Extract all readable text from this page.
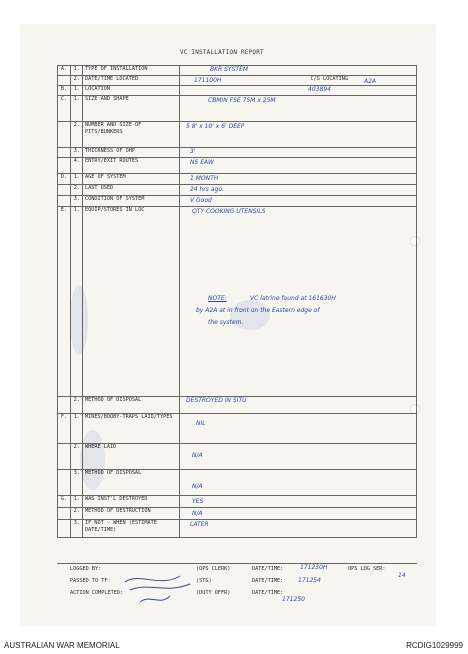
VC INSTALLATION REPORT
A.	1.	TYPE OF INSTALLATION	BKR SYSTEM

	2.	DATE/TIME LOCATED	171100H C/S LOCATING A2A

B.	1.	LOCATION	403894

C.	1.	SIZE AND SHAPE	CBMIN FSE 75M x 25M

	2.	NUMBER AND SIZE OF PITS/BUNKERS	5 8' x 10' x 6' DEEP

	3.	THICKNESS OF OHP	3'

	4.	ENTRY/EXIT ROUTES	NS EAW

D.	1.	AGE OF SYSTEM	1 MONTH

	2.	LAST USED	24 hrs ago.

	3.	CONDITION OF SYSTEM	V Good

E.	1.	EQUIP/STORES IN LOC	QTY COOKING UTENSILS
NOTE: VC latrine found at 161630H
by A2A at in front on the Eastern edge of
the system.

	2.	METHOD OF DISPOSAL	DESTROYED IN SITU

F.	1.	MINES/BOOBY-TRAPS LAID/TYPES	NIL

	2.	WHERE LAID	N/A

	3.	METHOD OF DISPOSAL	N/A

G.	1.	WAS INST'L DESTROYED	YES

	2.	METHOD OF DESTRUCTION	N/A

	3.	IF NOT - WHEN (ESTIMATE DATE/TIME)	LATER
LOGGED BY:	(OPS CLERK)	DATE/TIME:	171230H	OPS LOG SER:
14
PASSED TO TF:	(STG)	DATE/TIME: 171254
ACTION COMPLETED:	(DUTY OFFR)	DATE/TIME:
171250
AUSTRALIAN WAR MEMORIAL	RCDIG1029999
